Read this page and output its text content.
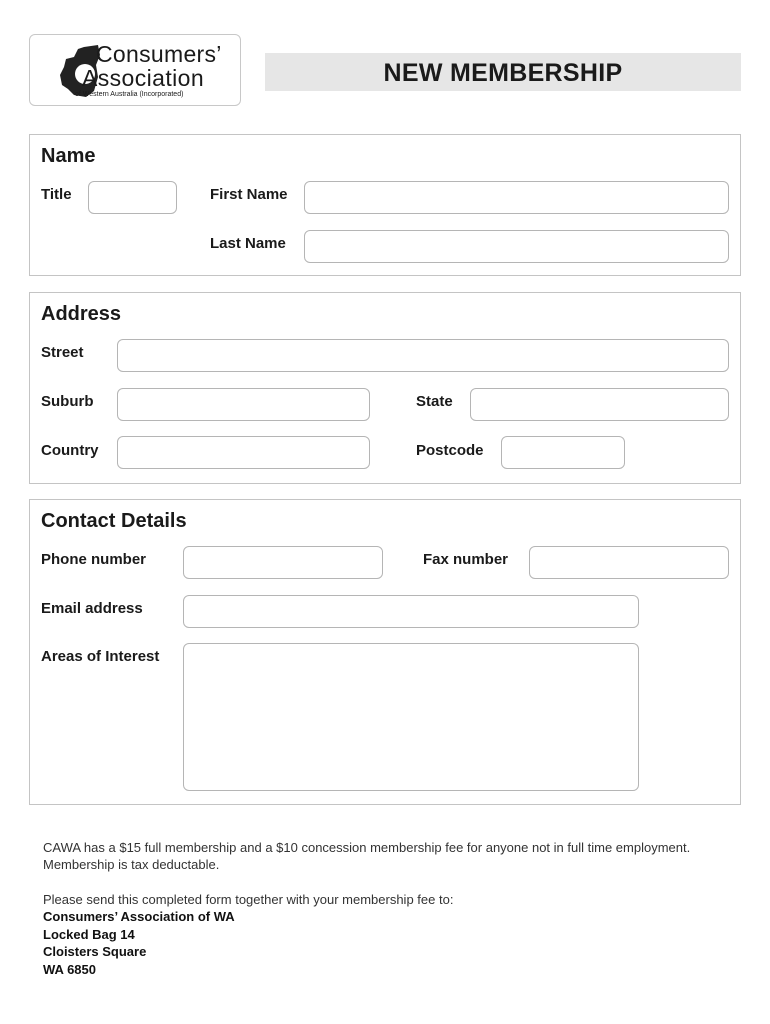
Consumers’
Association
of Western Australia (Incorporated)
NEW MEMBERSHIP
Name
Title	First Name
Last Name
Address
Street
Suburb	State
Country	Postcode
Contact Details
Phone number	Fax number
Email address
Areas of Interest
CAWA has a $15 full membership and a $10 concession membership fee for anyone not in full time employment.
Membership is tax deductable.
Please send this completed form together with your membership fee to:
Consumers’ Association of WA
Locked Bag 14
Cloisters Square
WA 6850
